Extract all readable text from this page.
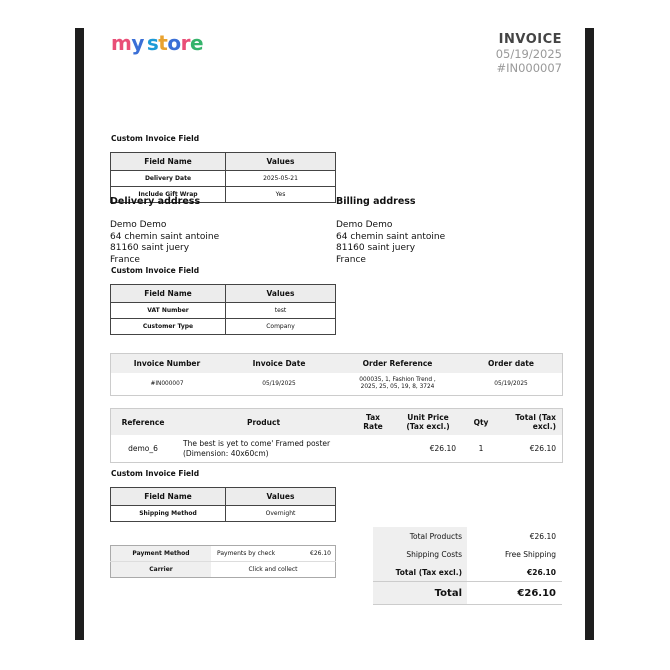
my store	INVOICE
05/19/2025
#IN000007
Custom Invoice Field
Field Name	Values
Delivery Date	2025-05-21
Include Gift Wrap	Yes
Delivery address
Demo Demo
64 chemin saint antoine
81160 saint juery
France
Billing address
Demo Demo
64 chemin saint antoine
81160 saint juery
France
Custom Invoice Field
Field Name	Values
VAT Number	test
Customer Type	Company
Invoice Number	Invoice Date	Order Reference	Order date
#IN000007	05/19/2025	000035, 1, Fashion Trend , 2025, 25, 05, 19, 8, 3724	05/19/2025
Reference	Product	Tax Rate	Unit Price (Tax excl.)	Qty	Total (Tax excl.)
demo_6	The best is yet to come' Framed poster (Dimension: 40x60cm)		€26.10	1	€26.10
Custom Invoice Field
Field Name	Values
Shipping Method	Overnight
Payment Method	Payments by check	€26.10
Carrier	Click and collect	
Total Products	€26.10
Shipping Costs	Free Shipping
Total (Tax excl.)	€26.10
Total	€26.10
